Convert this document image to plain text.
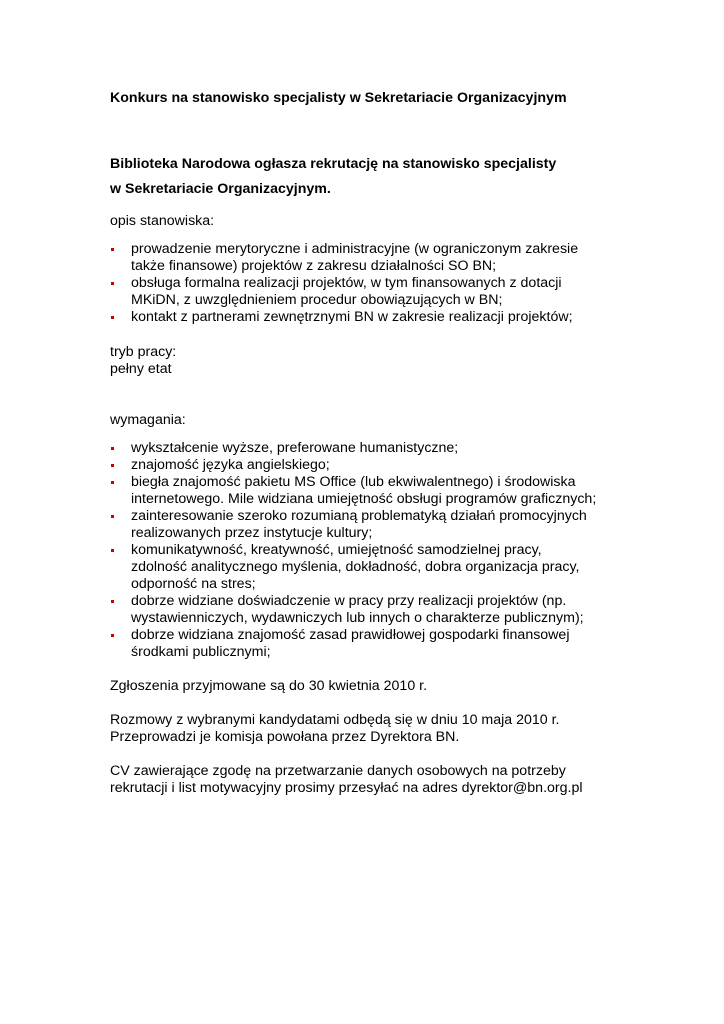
Konkurs na stanowisko specjalisty w Sekretariacie Organizacyjnym

Biblioteka Narodowa ogłasza rekrutację na stanowisko specjalisty

w Sekretariacie Organizacyjnym.

opis stanowiska:

prowadzenie merytoryczne i administracyjne (w ograniczonym zakresie
także finansowe) projektów z zakresu działalności SO BN;
obsługa formalna realizacji projektów, w tym finansowanych z dotacji
MKiDN, z uwzględnieniem procedur obowiązujących w BN;
kontakt z partnerami zewnętrznymi BN w zakresie realizacji projektów;

tryb pracy:

pełny etat

wymagania:

wykształcenie wyższe, preferowane humanistyczne;
znajomość języka angielskiego;
biegła znajomość pakietu MS Office (lub ekwiwalentnego) i środowiska
internetowego. Mile widziana umiejętność obsługi programów graficznych;
zainteresowanie szeroko rozumianą problematyką działań promocyjnych
realizowanych przez instytucje kultury;
komunikatywność, kreatywność, umiejętność samodzielnej pracy,
zdolność analitycznego myślenia, dokładność, dobra organizacja pracy,
odporność na stres;
dobrze widziane doświadczenie w pracy przy realizacji projektów (np.
wystawienniczych, wydawniczych lub innych o charakterze publicznym);
dobrze widziana znajomość zasad prawidłowej gospodarki finansowej
środkami publicznymi;

Zgłoszenia przyjmowane są do 30 kwietnia 2010 r.

Rozmowy z wybranymi kandydatami odbędą się w dniu 10 maja 2010 r.

Przeprowadzi je komisja powołana przez Dyrektora BN.

CV zawierające zgodę na przetwarzanie danych osobowych na potrzeby

rekrutacji i list motywacyjny prosimy przesyłać na adres dyrektor@bn.org.pl
